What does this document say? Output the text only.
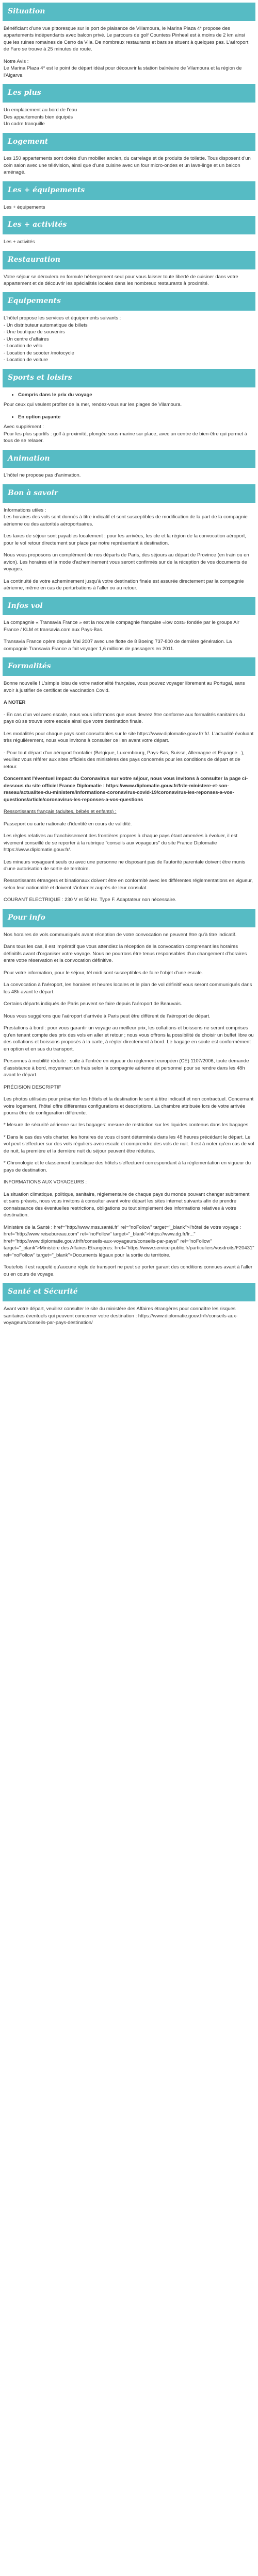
Situation

Bénéficiant d'une vue pittoresque sur le port de plaisance de Villamoura, le Marina Plaza 4* propose des appartements indépendants avec balcon privé. Le parcours de golf Countess Pinheal est à moins de 2 km ainsi que les ruines romaines de Cerro da Vila. De nombreux restaurants et bars se situent à quelques pas. L'aéroport de Faro se trouve à 25 minutes de route.

Notre Avis :
Le Marina Plaza 4* est le point de départ idéal pour découvrir la station balnéaire de Vilamoura et la région de l'Algarve.

Les plus

Un emplacement au bord de l'eau
Des appartements bien équipés
Un cadre tranquille

Logement

Les 150 appartements sont dotés d'un mobilier ancien, du carrelage et de produits de toilette. Tous disposent d'un coin salon avec une télévision, ainsi que d'une cuisine avec un four micro-ondes et un lave-linge et un balcon aménagé.

Les + équipements

Les + équipements

Les + activités

Les + activités

Restauration

Votre séjour se déroulera en formule hébergement seul pour vous laisser toute liberté de cuisiner dans votre appartement et de découvrir les spécialités locales dans les nombreux restaurants à proximité.

Equipements

L'hôtel propose les services et équipements suivants :
- Un distributeur automatique de billets
- Une boutique de souvenirs
- Un centre d'affaires
- Location de vélo
- Location de scooter /motocycle
- Location de voiture

Sports et loisirs
• Compris dans le prix du voyage

Pour ceux qui veulent profiter de la mer, rendez-vous sur les plages de Vilamoura.

• En option payante

Avec supplément :
Pour les plus sportifs : golf à proximité, plongée sous-marine sur place, avec un centre de bien-être qui permet à tous de se relaxer.

Animation

L'hôtel ne propose pas d'animation.

Bon à savoir

Informations utiles :
Les horaires des vols sont donnés à titre indicatif et sont susceptibles de modification de la part de la compagnie aérienne ou des autorités aéroportuaires.

Les taxes de séjour sont payables localement : pour les arrivées, les cte et la région de la convocation aéroport, pour le vol retour directement sur place par notre représentant à destination.

Nous vous proposons un complément de nos départs de Paris, des séjours au départ de Province (en train ou en avion). Les horaires et la mode d'acheminement vous seront confirmés sur de la réception de vos documents de voyages.

La continuité de votre acheminement jusqu'à votre destination finale est assurée directement par la compagnie aérienne, même en cas de perturbations à l'aller ou au retour.

Infos vol

La compagnie « Transavia France » est la nouvelle compagnie française «low cost» fondée par le groupe Air France / KLM et transavia.com aux Pays-Bas.

Transavia France opère depuis Mai 2007 avec une flotte de 8 Boeing 737-800 de dernière génération. La compagnie Transavia France a fait voyager 1,6 millions de passagers en 2011.

Formalités

Bonne nouvelle ! L'simple loisu de votre nationalité française, vous pouvez voyager librement au Portugal, sans avoir à justifier de certificat de vaccination Covid.

A NOTER

- En cas d'un vol avec escale, nous vous informons que vous devrez être conforme aux formalités sanitaires du pays où se trouve votre escale ainsi que votre destination finale.

Les modalités pour chaque pays sont consultables sur le site https://www.diplomatie.gouv.fr/ fr/. L'actualité évoluant très régulièrement, nous vous invitons à consulter ce lien avant votre départ.

- Pour tout départ d'un aéroport frontalier (Belgique, Luxembourg, Pays-Bas, Suisse, Allemagne et Espagne...), veuillez vous référer aux sites officiels des ministères des pays concernés pour les conditions de départ et de retour.

Concernant l'éventuel impact du Coronavirus sur votre séjour, nous vous invitons à consulter la page ci-dessous du site officiel France Diplomatie : https://www.diplomatie.gouv.fr/fr/le-ministere-et-son-reseau/actualites-du-ministere/informations-coronavirus-covid-19/coronavirus-les-reponses-a-vos-questions/article/coronavirus-les-reponses-a-vos-questions

Ressortissants français (adultes, bébés et enfants) :

Passeport ou carte nationale d'identité en cours de validité.

Les règles relatives au franchissement des frontières propres à chaque pays étant amenées à évoluer, il est vivement conseillé de se reporter à la rubrique "conseils aux voyageurs" du site France Diplomatie https://www.diplomatie.gouv.fr/.

Les mineurs voyageant seuls ou avec une personne ne disposant pas de l'autorité parentale doivent être munis d'une autorisation de sortie de territoire.

Ressortissants étrangers et binationaux doivent être en conformité avec les différentes réglementations en vigueur, selon leur nationalité et doivent s'informer auprès de leur consulat.

COURANT ELECTRIQUE : 230 V et 50 Hz. Type F. Adaptateur non nécessaire.

Pour info

Nos horaires de vols communiqués avant réception de votre convocation ne peuvent être qu'à titre indicatif.

Dans tous les cas, il est impératif que vous attendiez la réception de la convocation comprenant les horaires définitifs avant d'organiser votre voyage. Nous ne pourrons être tenus responsables d'un changement d'horaires entre votre réservation et la convocation définitive.

Pour votre information, pour le séjour, tél midi sont susceptibles de faire l'objet d'une escale.

La convocation à l'aéroport, les horaires et heures locales et le plan de vol définitif vous seront communiqués dans les 48h avant le départ.

Certains départs indiqués de Paris peuvent se faire depuis l'aéroport de Beauvais.

Nous vous suggérons que l'aéroport d'arrivée à Paris peut être différent de l'aéroport de départ.

Prestations à bord : pour vous garantir un voyage au meilleur prix, les collations et boissons ne seront comprises qu'en tenant compte des prix des vols en aller et retour ; nous vous offrons la possibilité de choisir un buffet libre ou des collations et boissons proposés à la carte, à régler directement à bord. Le bagage en soute est conformément en option et en sus du transport.

Personnes à mobilité réduite : suite à l'entrée en vigueur du règlement européen (CE) 1107/2006, toute demande d'assistance à bord, moyennant un frais selon la compagnie aérienne et personnel pour se rendre dans les 48h avant le départ.

PRÉCISION DESCRIPTIF

Les photos utilisées pour présenter les hôtels et la destination le sont à titre indicatif et non contractuel. Concernant votre logement, l'hôtel offre différentes configurations et descriptions. La chambre attribuée lors de votre arrivée pourra être de configuration différente.

* Mesure de sécurité aérienne sur les bagages: mesure de restriction sur les liquides contenus dans les bagages

* Dans le cas des vols charter, les horaires de vous ci sont déterminés dans les 48 heures précédant le départ. Le vol peut s'effectuer sur des vols réguliers avec escale et comprendre des vols de nuit. Il est à noter qu'en cas de vol de nuit, la première et la dernière nuit du séjour peuvent être réduites.

* Chronologie et le classement touristique des hôtels s'effectuent correspondant à la réglementation en vigueur du pays de destination.

INFORMATIONS AUX VOYAGEURS :

La situation climatique, politique, sanitaire, réglementaire de chaque pays du monde pouvant changer subitement et sans préavis, nous vous invitons à consulter avant votre départ les sites internet suivants afin de prendre connaissance des éventuelles restrictions, obligations ou tout simplement des informations relatives à votre destination.

Ministère de la Santé : href="http://www.mss.santé.fr" rel="noFollow" target="_blank">l'hôtel de votre voyage : href="http://www.reisebureau.com" rel="noFollow" target="_blank">https://www.dg.fr/fr..." href="http://www.diplomatie.gouv.fr/fr/conseils-aux-voyageurs/conseils-par-pays/" rel="noFollow" target="_blank">Ministère des Affaires Etrangères: href="https://www.service-public.fr/particuliers/vosdroits/F20431" rel="noFollow" target="_blank">Documents légaux pour la sortie du territoire.

Toutefois il est rappelé qu'aucune règle de transport ne peut se porter garant des conditions connues avant à l'aller ou en cours de voyage.

Santé et Sécurité

Avant votre départ, veuillez consulter le site du ministère des Affaires étrangères pour connaître les risques sanitaires éventuels qui peuvent concerner votre destination : https://www.diplomatie.gouv.fr/fr/conseils-aux-voyageurs/conseils-par-pays-destination/
